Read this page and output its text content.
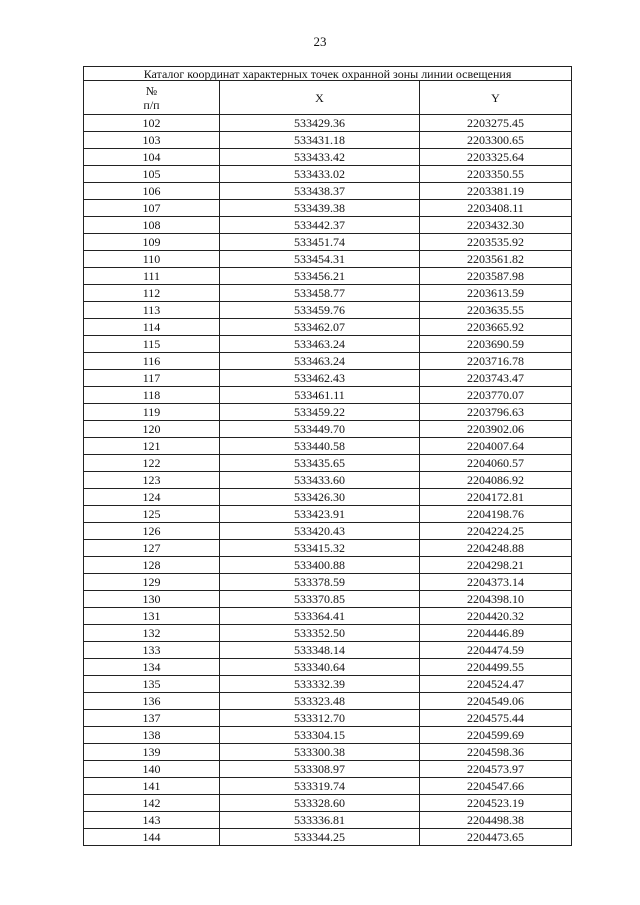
23
Каталог координат характерных точек охранной зоны линии освещения		

№
п/п	X	Y
102	533429.36	2203275.45
103	533431.18	2203300.65
104	533433.42	2203325.64
105	533433.02	2203350.55
106	533438.37	2203381.19
107	533439.38	2203408.11
108	533442.37	2203432.30
109	533451.74	2203535.92
110	533454.31	2203561.82
111	533456.21	2203587.98
112	533458.77	2203613.59
113	533459.76	2203635.55
114	533462.07	2203665.92
115	533463.24	2203690.59
116	533463.24	2203716.78
117	533462.43	2203743.47
118	533461.11	2203770.07
119	533459.22	2203796.63
120	533449.70	2203902.06
121	533440.58	2204007.64
122	533435.65	2204060.57
123	533433.60	2204086.92
124	533426.30	2204172.81
125	533423.91	2204198.76
126	533420.43	2204224.25
127	533415.32	2204248.88
128	533400.88	2204298.21
129	533378.59	2204373.14
130	533370.85	2204398.10
131	533364.41	2204420.32
132	533352.50	2204446.89
133	533348.14	2204474.59
134	533340.64	2204499.55
135	533332.39	2204524.47
136	533323.48	2204549.06
137	533312.70	2204575.44
138	533304.15	2204599.69
139	533300.38	2204598.36
140	533308.97	2204573.97
141	533319.74	2204547.66
142	533328.60	2204523.19
143	533336.81	2204498.38
144	533344.25	2204473.65
